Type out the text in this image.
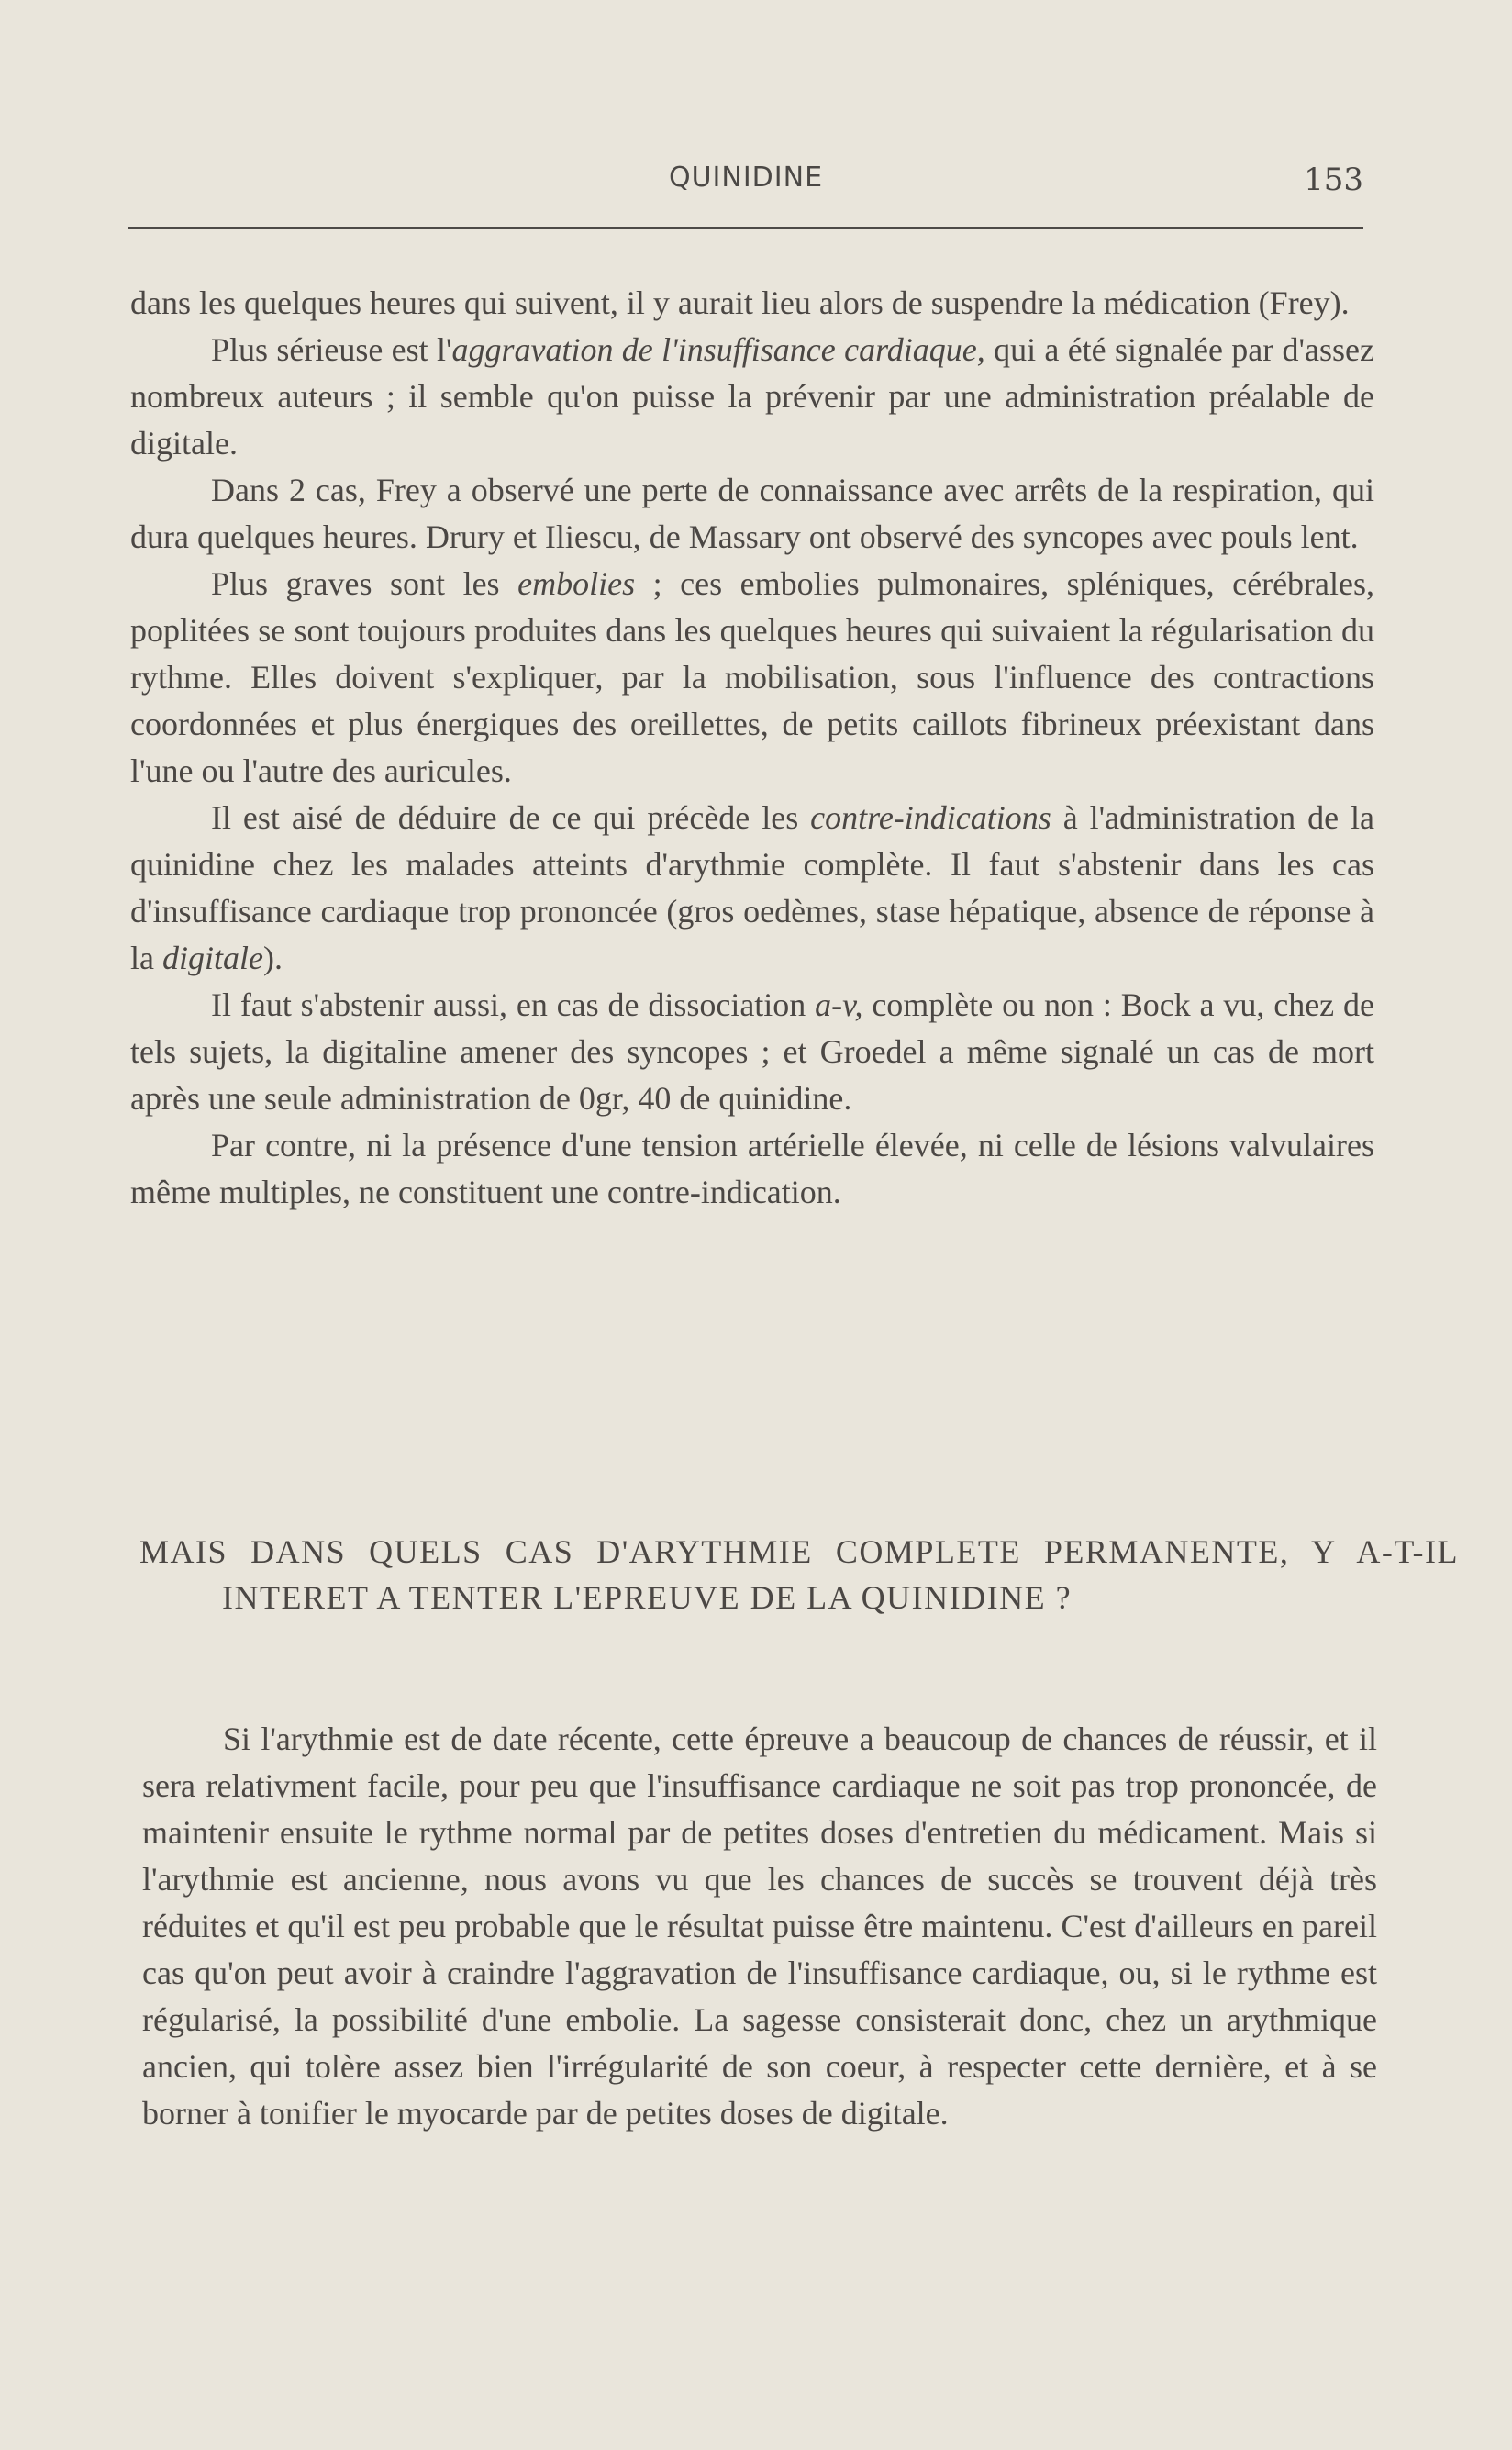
QUINIDINE	153

dans les quelques heures qui suivent, il y aurait lieu alors de suspendre la médication (Frey).

Plus sérieuse est l'aggravation de l'insuffisance cardiaque, qui a été signalée par d'assez nombreux auteurs ; il semble qu'on puisse la prévenir par une administration préalable de digitale.

Dans 2 cas, Frey a observé une perte de connaissance avec arrêts de la respiration, qui dura quelques heures. Drury et Iliescu, de Massary ont observé des syncopes avec pouls lent.

Plus graves sont les embolies ; ces embolies pulmonaires, spléniques, cérébrales, poplitées se sont toujours produites dans les quelques heures qui suivaient la régularisation du rythme. Elles doivent s'expliquer, par la mobilisation, sous l'influence des contractions coordonnées et plus énergiques des oreillettes, de petits caillots fibrineux préexistant dans l'une ou l'autre des auricules.

Il est aisé de déduire de ce qui précède les contre-indications à l'administration de la quinidine chez les malades atteints d'arythmie complète. Il faut s'abstenir dans les cas d'insuffisance cardiaque trop prononcée (gros oedèmes, stase hépatique, absence de réponse à la digitale).

Il faut s'abstenir aussi, en cas de dissociation a-v, complète ou non : Bock a vu, chez de tels sujets, la digitaline amener des syncopes ; et Groedel a même signalé un cas de mort après une seule administration de 0gr, 40 de quinidine.

Par contre, ni la présence d'une tension artérielle élevée, ni celle de lésions valvulaires même multiples, ne constituent une contre-indication.

MAIS DANS QUELS CAS D'ARYTHMIE COMPLETE PERMANENTE, Y A-T-IL INTERET A TENTER L'EPREUVE DE LA QUINIDINE ?

Si l'arythmie est de date récente, cette épreuve a beaucoup de chances de réussir, et il sera relativment facile, pour peu que l'insuffisance cardiaque ne soit pas trop prononcée, de maintenir ensuite le rythme normal par de petites doses d'entretien du médicament. Mais si l'arythmie est ancienne, nous avons vu que les chances de succès se trouvent déjà très réduites et qu'il est peu probable que le résultat puisse être maintenu. C'est d'ailleurs en pareil cas qu'on peut avoir à craindre l'aggravation de l'insuffisance cardiaque, ou, si le rythme est régularisé, la possibilité d'une embolie. La sagesse consisterait donc, chez un arythmique ancien, qui tolère assez bien l'irrégularité de son coeur, à respecter cette dernière, et à se borner à tonifier le myocarde par de petites doses de digitale.
